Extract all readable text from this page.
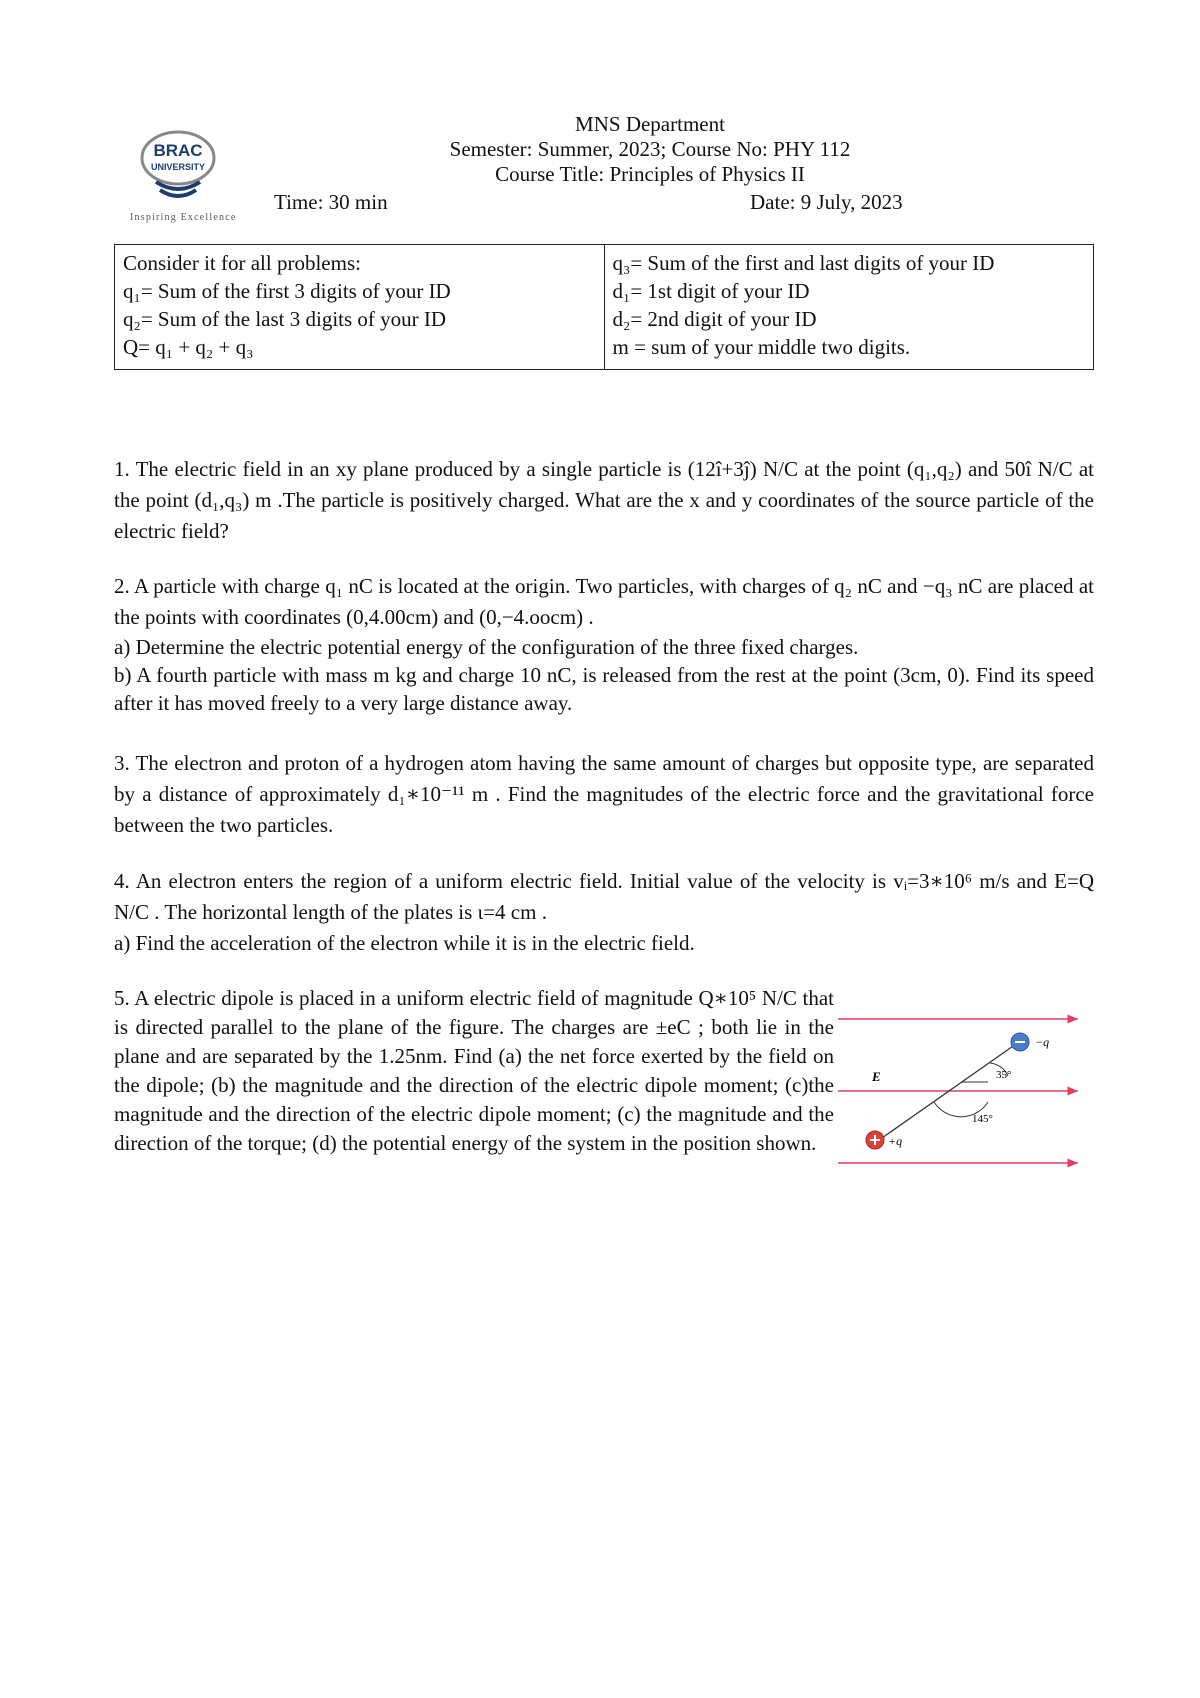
BRAC
UNIVERSITY
Inspiring Excellence
MNS Department
Semester: Summer, 2023; Course No: PHY 112
Course Title: Principles of Physics II
Time: 30 min	Date: 9 July, 2023
Consider it for all problems:
q₁= Sum of the first 3 digits of your ID
q₂= Sum of the last 3 digits of your ID
Q= q₁ + q₂ + q₃
q₃= Sum of the first and last digits of your ID
d₁= 1st digit of your ID
d₂= 2nd digit of your ID
m = sum of your middle two digits.

1. The electric field in an xy plane produced by a single particle is (12î+3ĵ) N/C at the point (q₁,q₂) and 50î N/C at the point (d₁,q₃) m .The particle is positively charged. What are the x and y coordinates of the source particle of the electric field?

2. A particle with charge q₁ nC is located at the origin. Two particles, with charges of q₂ nC and −q₃ nC are placed at the points with coordinates (0,4.00cm) and (0,−4.oocm) .

a) Determine the electric potential energy of the configuration of the three fixed charges.

b) A fourth particle with mass m kg and charge 10 nC, is released from the rest at the point (3cm, 0). Find its speed after it has moved freely to a very large distance away.

3. The electron and proton of a hydrogen atom having the same amount of charges but opposite type, are separated by a distance of approximately d₁∗10⁻¹¹ m . Find the magnitudes of the electric force and the gravitational force between the two particles.

4. An electron enters the region of a uniform electric field. Initial value of the velocity is vᵢ=3∗10⁶ m/s and E=Q N/C . The horizontal length of the plates is ι=4 cm .

a) Find the acceleration of the electron while it is in the electric field.

5. A electric dipole is placed in a uniform electric field of magnitude Q∗10⁵ N/C that is directed parallel to the plane of the figure. The charges are ±eC ; both lie in the plane and are separated by the 1.25nm. Find (a) the net force exerted by the field on the dipole; (b) the magnitude and the direction of the electric dipole moment; (c)the magnitude and the direction of the electric dipole moment; (c) the magnitude and the direction of the torque; (d) the potential energy of the system in the position shown.

E	35°
145°
−q
+q
